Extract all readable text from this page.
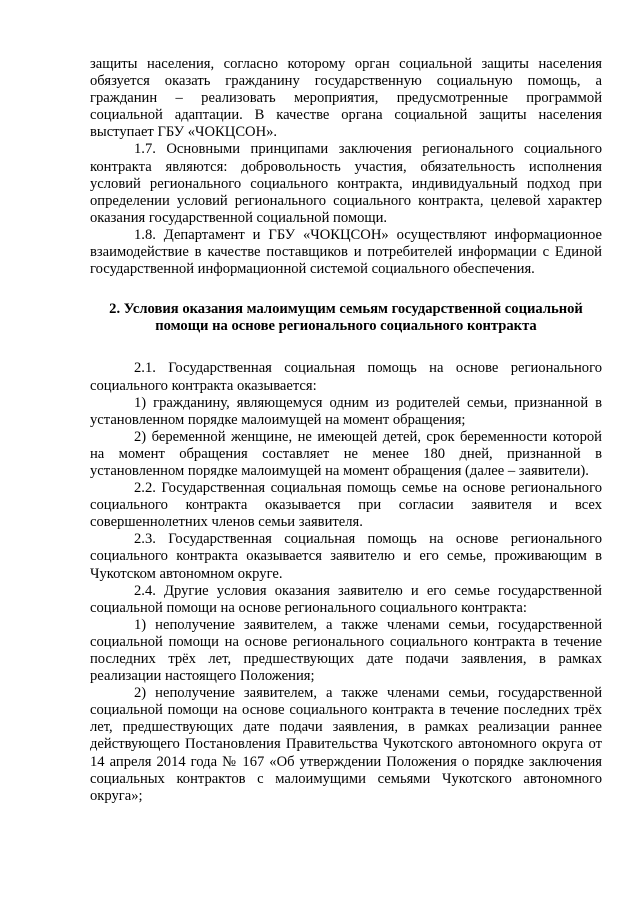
защиты населения, согласно которому орган социальной защиты населения обязуется оказать гражданину государственную социальную помощь, а гражданин – реализовать мероприятия, предусмотренные программой социальной адаптации. В качестве органа социальной защиты населения выступает ГБУ «ЧОКЦСОН».

1.7. Основными принципами заключения регионального социального контракта являются: добровольность участия, обязательность исполнения условий регионального социального контракта, индивидуальный подход при определении условий регионального социального контракта, целевой характер оказания государственной социальной помощи.

1.8. Департамент и ГБУ «ЧОКЦСОН» осуществляют информационное взаимодействие в качестве поставщиков и потребителей информации с Единой государственной информационной системой социального обеспечения.

2. Условия оказания малоимущим семьям государственной социальной помощи на основе регионального социального контракта

2.1. Государственная социальная помощь на основе регионального социального контракта оказывается:

1) гражданину, являющемуся одним из родителей семьи, признанной в установленном порядке малоимущей на момент обращения;

2) беременной женщине, не имеющей детей, срок беременности которой на момент обращения составляет не менее 180 дней, признанной в установленном порядке малоимущей на момент обращения (далее – заявители).

2.2. Государственная социальная помощь семье на основе регионального социального контракта оказывается при согласии заявителя и всех совершеннолетних членов семьи заявителя.

2.3. Государственная социальная помощь на основе регионального социального контракта оказывается заявителю и его семье, проживающим в Чукотском автономном округе.

2.4. Другие условия оказания заявителю и его семье государственной социальной помощи на основе регионального социального контракта:

1) неполучение заявителем, а также членами семьи, государственной социальной помощи на основе регионального социального контракта в течение последних трёх лет, предшествующих дате подачи заявления, в рамках реализации настоящего Положения;

2) неполучение заявителем, а также членами семьи, государственной социальной помощи на основе социального контракта в течение последних трёх лет, предшествующих дате подачи заявления, в рамках реализации раннее действующего Постановления Правительства Чукотского автономного округа от 14 апреля 2014 года № 167 «Об утверждении Положения о порядке заключения социальных контрактов с малоимущими семьями Чукотского автономного округа»;
